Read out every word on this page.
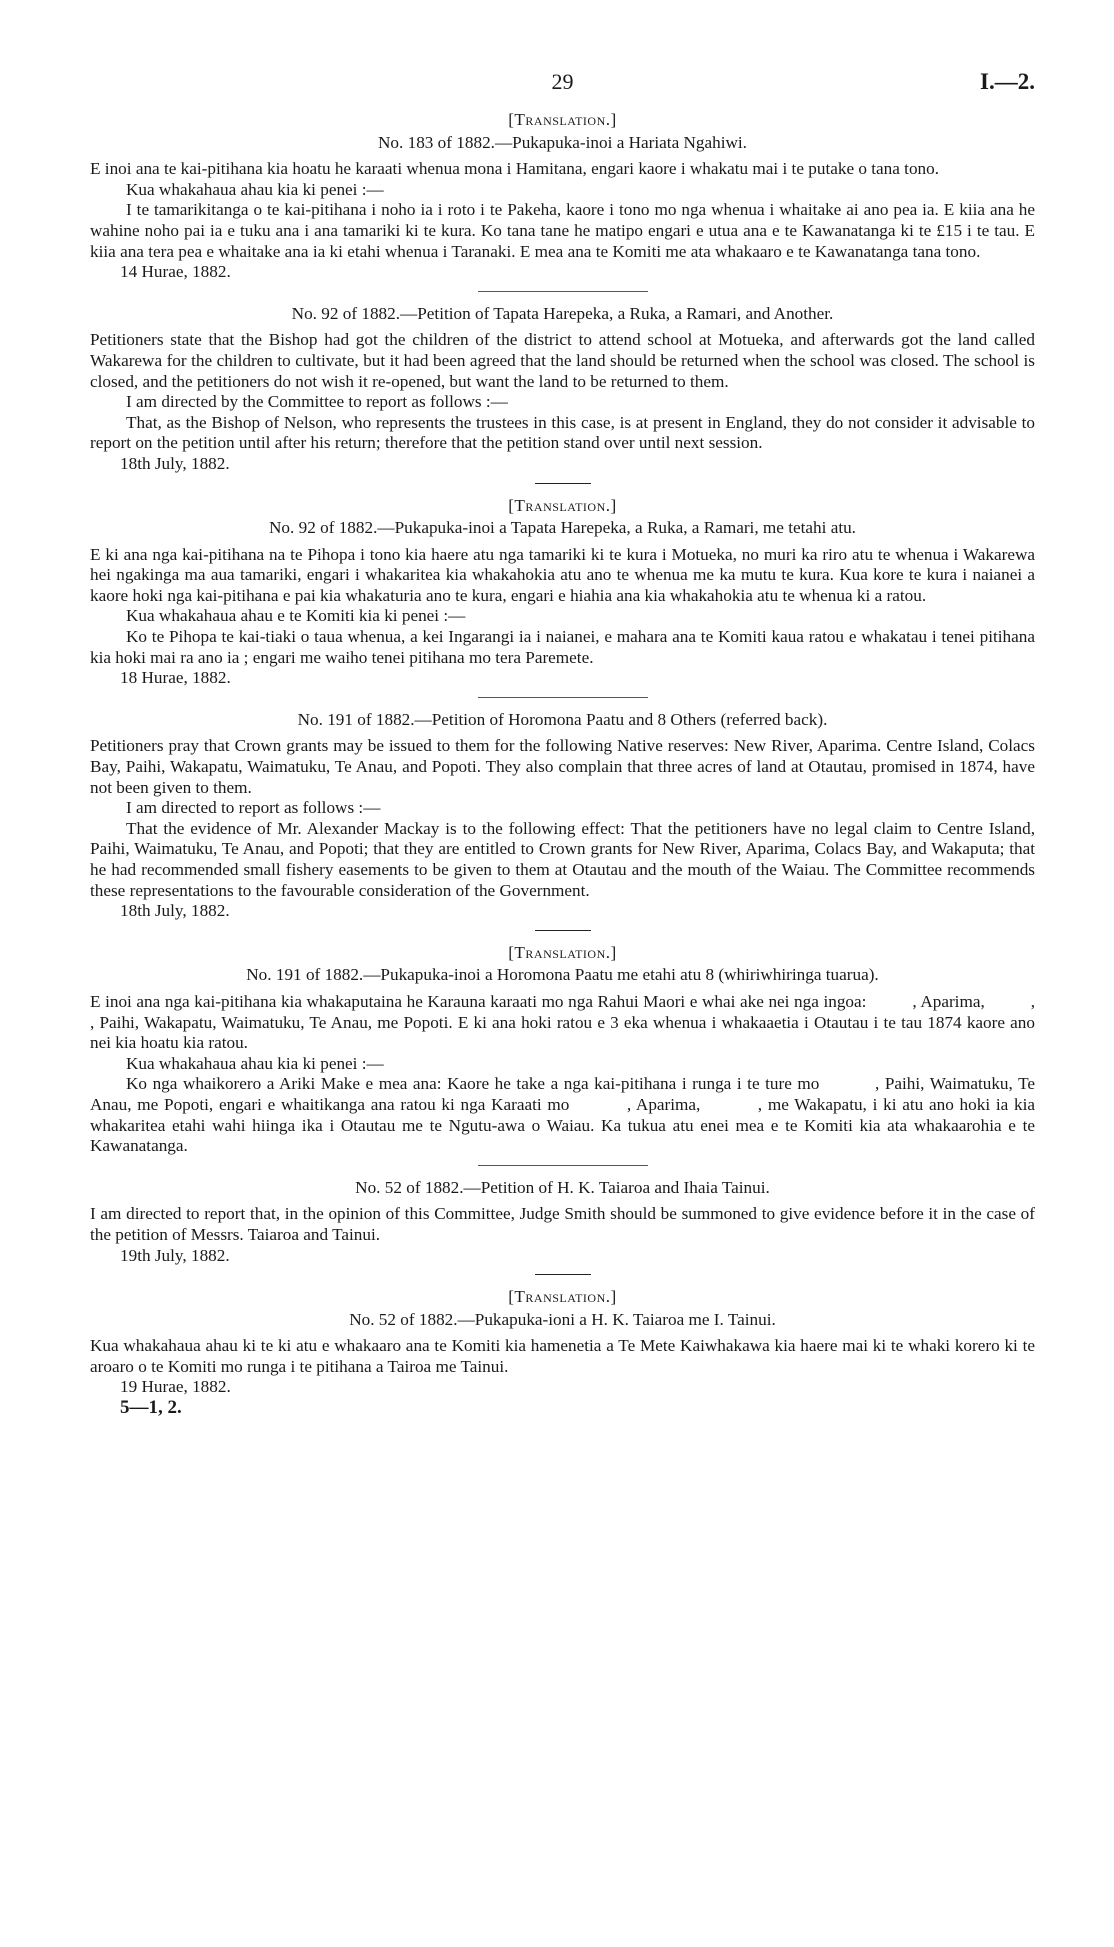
29	I.—2.
[Translation.]
No. 183 of 1882.—Pukapuka-inoi a Hariata Ngahiwi.

E inoi ana te kai-pitihana kia hoatu he karaati whenua mona i Hamitana, engari kaore i whakatu mai i te putake o tana tono.

Kua whakahaua ahau kia ki penei :—

I te tamarikitanga o te kai-pitihana i noho ia i roto i te Pakeha, kaore i tono mo nga whenua i whaitake ai ano pea ia. E kiia ana he wahine noho pai ia e tuku ana i ana tamariki ki te kura. Ko tana tane he matipo engari e utua ana e te Kawanatanga ki te £15 i te tau. E kiia ana tera pea e whaitake ana ia ki etahi whenua i Taranaki. E mea ana te Komiti me ata whakaaro e te Kawanatanga tana tono.

14 Hurae, 1882.
No. 92 of 1882.—Petition of Tapata Harepeka, a Ruka, a Ramari, and Another.

Petitioners state that the Bishop had got the children of the district to attend school at Motueka, and afterwards got the land called Wakarewa for the children to cultivate, but it had been agreed that the land should be returned when the school was closed. The school is closed, and the petitioners do not wish it re-opened, but want the land to be returned to them.

I am directed by the Committee to report as follows :—

That, as the Bishop of Nelson, who represents the trustees in this case, is at present in England, they do not consider it advisable to report on the petition until after his return; therefore that the petition stand over until next session.

18th July, 1882.
[Translation.]
No. 92 of 1882.—Pukapuka-inoi a Tapata Harepeka, a Ruka, a Ramari, me tetahi atu.

E ki ana nga kai-pitihana na te Pihopa i tono kia haere atu nga tamariki ki te kura i Motueka, no muri ka riro atu te whenua i Wakarewa hei ngakinga ma aua tamariki, engari i whakaritea kia whakahokia atu ano te whenua me ka mutu te kura. Kua kore te kura i naianei a kaore hoki nga kai-pitihana e pai kia whakaturia ano te kura, engari e hiahia ana kia whakahokia atu te whenua ki a ratou.

Kua whakahaua ahau e te Komiti kia ki penei :—

Ko te Pihopa te kai-tiaki o taua whenua, a kei Ingarangi ia i naianei, e mahara ana te Komiti kaua ratou e whakatau i tenei pitihana kia hoki mai ra ano ia ; engari me waiho tenei pitihana mo tera Paremete.

18 Hurae, 1882.
No. 191 of 1882.—Petition of Horomona Paatu and 8 Others (referred back).

Petitioners pray that Crown grants may be issued to them for the following Native reserves: New River, Aparima. Centre Island, Colacs Bay, Paihi, Wakapatu, Waimatuku, Te Anau, and Popoti. They also complain that three acres of land at Otautau, promised in 1874, have not been given to them.

I am directed to report as follows :—

That the evidence of Mr. Alexander Mackay is to the following effect: That the petitioners have no legal claim to Centre Island, Paihi, Waimatuku, Te Anau, and Popoti; that they are entitled to Crown grants for New River, Aparima, Colacs Bay, and Wakaputa; that he had recommended small fishery easements to be given to them at Otautau and the mouth of the Waiau. The Committee recommends these representations to the favourable consideration of the Government.

18th July, 1882.
[Translation.]
No. 191 of 1882.—Pukapuka-inoi a Horomona Paatu me etahi atu 8 (whiriwhiringa tuarua).

E inoi ana nga kai-pitihana kia whakaputaina he Karauna karaati mo nga Rahui Maori e whai ake nei nga ingoa:          , Aparima,          ,          , Paihi, Wakapatu, Waimatuku, Te Anau, me Popoti. E ki ana hoki ratou e 3 eka whenua i whakaaetia i Otautau i te tau 1874 kaore ano nei kia hoatu kia ratou.

Kua whakahaua ahau kia ki penei :—

Ko nga whaikorero a Ariki Make e mea ana: Kaore he take a nga kai-pitihana i runga i te ture mo          , Paihi, Waimatuku, Te Anau, me Popoti, engari e whaitikanga ana ratou ki nga Karaati mo          , Aparima,          , me Wakapatu, i ki atu ano hoki ia kia whakaritea etahi wahi hiinga ika i Otautau me te Ngutu-awa o Waiau. Ka tukua atu enei mea e te Komiti kia ata whakaarohia e te Kawanatanga.

No. 52 of 1882.—Petition of H. K. Taiaroa and Ihaia Tainui.

I am directed to report that, in the opinion of this Committee, Judge Smith should be summoned to give evidence before it in the case of the petition of Messrs. Taiaroa and Tainui.

19th July, 1882.
[Translation.]
No. 52 of 1882.—Pukapuka-ioni a H. K. Taiaroa me I. Tainui.

Kua whakahaua ahau ki te ki atu e whakaaro ana te Komiti kia hamenetia a Te Mete Kaiwhakawa kia haere mai ki te whaki korero ki te aroaro o te Komiti mo runga i te pitihana a Tairoa me Tainui.

19 Hurae, 1882.
5—1, 2.
